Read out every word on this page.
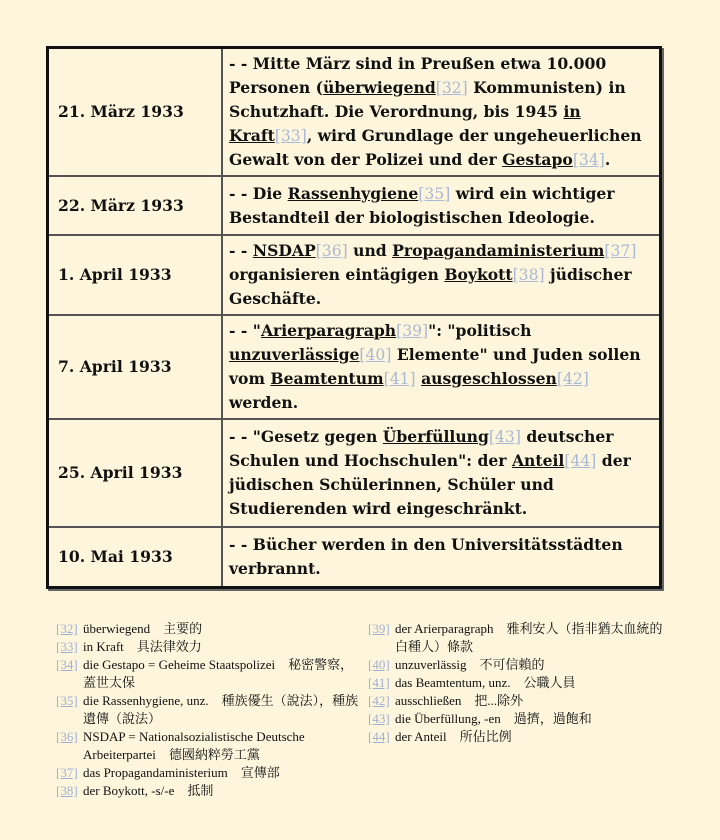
21. März 1933	- - Mitte März sind in Preußen etwa 10.000 Personen (überwiegend[32] Kommunisten) in Schutzhaft. Die Verordnung, bis 1945 in Kraft[33], wird Grundlage der ungeheuerlichen Gewalt von der Polizei und der Gestapo[34].
22. März 1933	- - Die Rassenhygiene[35] wird ein wichtiger Bestandteil der biologistischen Ideologie.
1. April 1933	- - NSDAP[36] und Propagandaministerium[37] organisieren eintägigen Boykott[38] jüdischer Geschäfte.
7. April 1933	- - "Arierparagraph[39]": "politisch unzuverlässige[40] Elemente" und Juden sollen vom Beamtentum[41] ausgeschlossen[42] werden.
25. April 1933	- - "Gesetz gegen Überfüllung[43] deutscher Schulen und Hochschulen": der Anteil[44] der jüdischen Schülerinnen, Schüler und Studierenden wird eingeschränkt.
10. Mai 1933	- - Bücher werden in den Universitätsstädten verbrannt.
[32] überwiegend　主要的
[33] in Kraft　具法律效力
[34] die Gestapo = Geheime Staatspolizei　秘密警察，蓋世太保
[35] die Rassenhygiene, unz.　種族優生（說法），種族遺傳（說法）
[36] NSDAP = Nationalsozialistische Deutsche Arbeiterpartei　德國納粹勞工黨
[37] das Propagandaministerium　宣傳部
[38] der Boykott, -s/-e　抵制
[39] der Arierparagraph　雅利安人（指非猶太血統的白種人）條款
[40] unzuverlässig　不可信賴的
[41] das Beamtentum, unz.　公職人員
[42] ausschließen　把...除外
[43] die Überfüllung, -en　過擠，過飽和
[44] der Anteil　所佔比例
